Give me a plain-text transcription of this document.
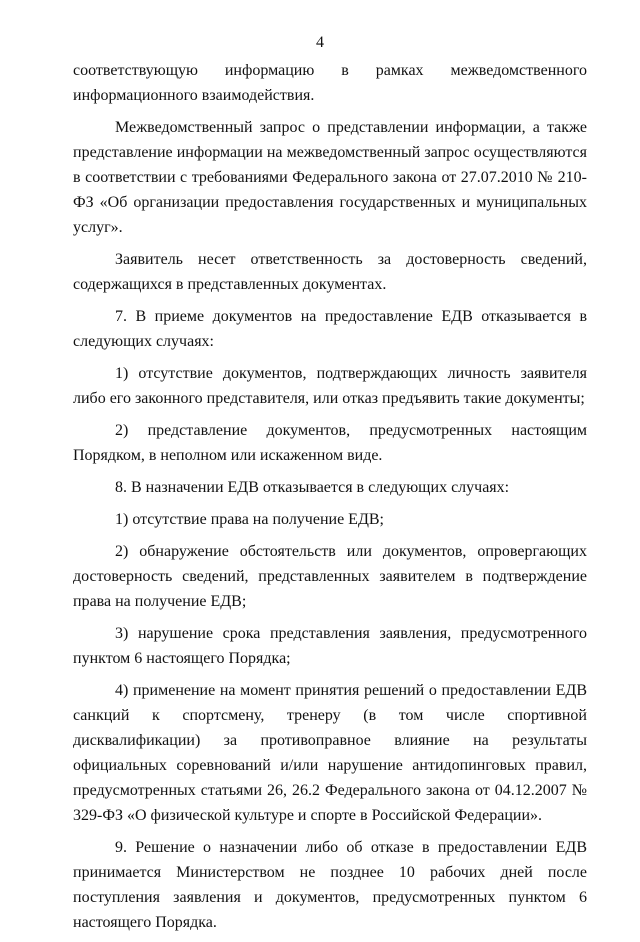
4

соответствующую информацию в рамках межведомственного информационного взаимодействия.

Межведомственный запрос о представлении информации, а также представление информации на межведомственный запрос осуществляются в соответствии с требованиями Федерального закона от 27.07.2010 № 210-ФЗ «Об организации предоставления государственных и муниципальных услуг».

Заявитель несет ответственность за достоверность сведений, содержащихся в представленных документах.

7. В приеме документов на предоставление ЕДВ отказывается в следующих случаях:

1) отсутствие документов, подтверждающих личность заявителя либо его законного представителя, или отказ предъявить такие документы;

2) представление документов, предусмотренных настоящим Порядком, в неполном или искаженном виде.

8. В назначении ЕДВ отказывается в следующих случаях:

1) отсутствие права на получение ЕДВ;

2) обнаружение обстоятельств или документов, опровергающих достоверность сведений, представленных заявителем в подтверждение права на получение ЕДВ;

3) нарушение срока представления заявления, предусмотренного пунктом 6 настоящего Порядка;

4) применение на момент принятия решений о предоставлении ЕДВ санкций к спортсмену, тренеру (в том числе спортивной дисквалификации) за противоправное влияние на результаты официальных соревнований и/или нарушение антидопинговых правил, предусмотренных статьями 26, 26.2 Федерального закона от 04.12.2007 № 329-ФЗ «О физической культуре и спорте в Российской Федерации».

9. Решение о назначении либо об отказе в предоставлении ЕДВ принимается Министерством не позднее 10 рабочих дней после поступления заявления и документов, предусмотренных пунктом 6 настоящего Порядка.
